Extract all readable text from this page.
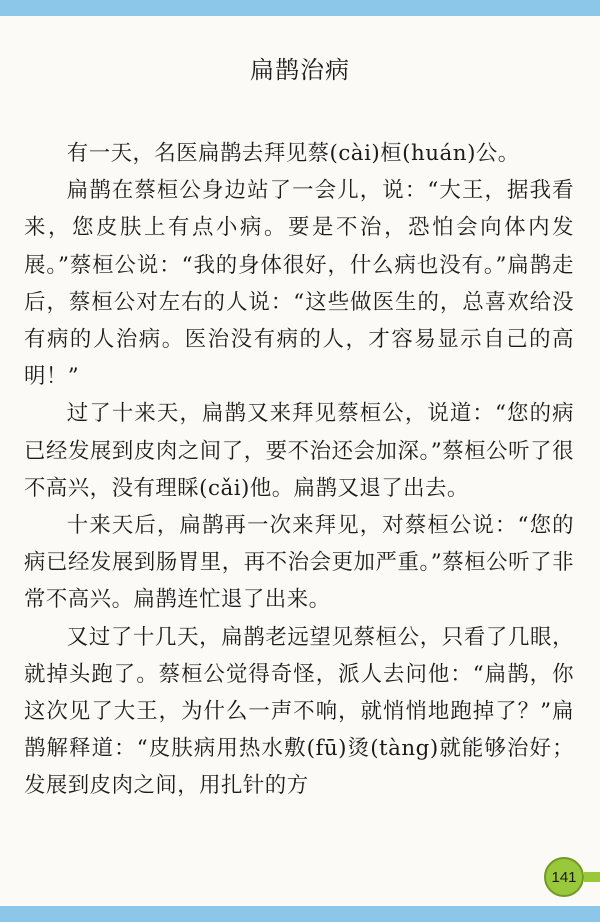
扁鹊治病

有一天，名医扁鹊去拜见蔡(cài)桓(huán)公。

扁鹊在蔡桓公身边站了一会儿，说：“大王，据我看来，您皮肤上有点小病。要是不治，恐怕会向体内发展。”蔡桓公说：“我的身体很好，什么病也没有。”扁鹊走后，蔡桓公对左右的人说：“这些做医生的，总喜欢给没有病的人治病。医治没有病的人，才容易显示自己的高明！”

过了十来天，扁鹊又来拜见蔡桓公，说道：“您的病已经发展到皮肉之间了，要不治还会加深。”蔡桓公听了很不高兴，没有理睬(cǎi)他。扁鹊又退了出去。

十来天后，扁鹊再一次来拜见，对蔡桓公说：“您的病已经发展到肠胃里，再不治会更加严重。”蔡桓公听了非常不高兴。扁鹊连忙退了出来。

又过了十几天，扁鹊老远望见蔡桓公，只看了几眼，就掉头跑了。蔡桓公觉得奇怪，派人去问他：“扁鹊，你这次见了大王，为什么一声不响，就悄悄地跑掉了？”扁鹊解释道：“皮肤病用热水敷(fū)烫(tàng)就能够治好；发展到皮肉之间，用扎针的方

141
